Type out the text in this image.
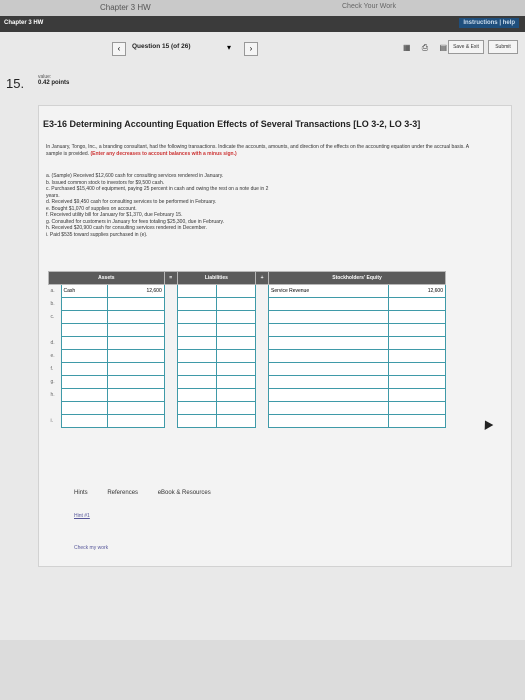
Chapter 3 HW	Check Your Work
Chapter 3 HW	Instructions | help
‹	Question 15 (of 26)	▾	›	▦ ⎙ ▤	Save & Exit	Submit
15.	value:
0.42 points
E3-16 Determining Accounting Equation Effects of Several Transactions [LO 3-2, LO 3-3]
In January, Tongo, Inc., a branding consultant, had the following transactions. Indicate the accounts, amounts, and direction of the effects on the accounting equation under the accrual basis. A sample is provided. (Enter any decreases to account balances with a minus sign.)
a. (Sample) Received $12,600 cash for consulting services rendered in January.
b. Issued common stock to investors for $9,500 cash.
c. Purchased $15,400 of equipment, paying 25 percent in cash and owing the rest on a note due in 2
years.
d. Received $9,450 cash for consulting services to be performed in February.
e. Bought $1,070 of supplies on account.
f. Received utility bill for January for $1,370, due February 15.
g. Consulted for customers in January for fees totaling $25,300, due in February.
h. Received $20,900 cash for consulting services rendered in December.
i. Paid $535 toward supplies purchased in (e).
Assets			=	Liabilities		+	Stockholders' Equity	
a.	Cash	12,600					Service Revenue	12,600
b.								
c.								

d.								
e.								
f.								
g.								
h.								

i.								
Hints	References	eBook & Resources
Hint #1
Check my work
